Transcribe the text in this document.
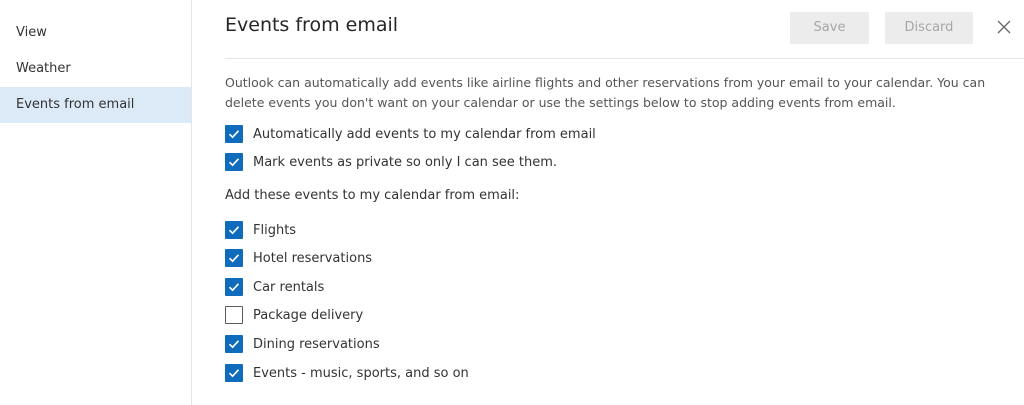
View
Weather
Events from email
Events from email	Save	Discard

Outlook can automatically add events like airline flights and other reservations from your email to your calendar. You can delete events you don't want on your calendar or use the settings below to stop adding events from email.

Automatically add events to my calendar from email
Mark events as private so only I can see them.
Add these events to my calendar from email:
Flights
Hotel reservations
Car rentals
Package delivery
Dining reservations
Events - music, sports, and so on
